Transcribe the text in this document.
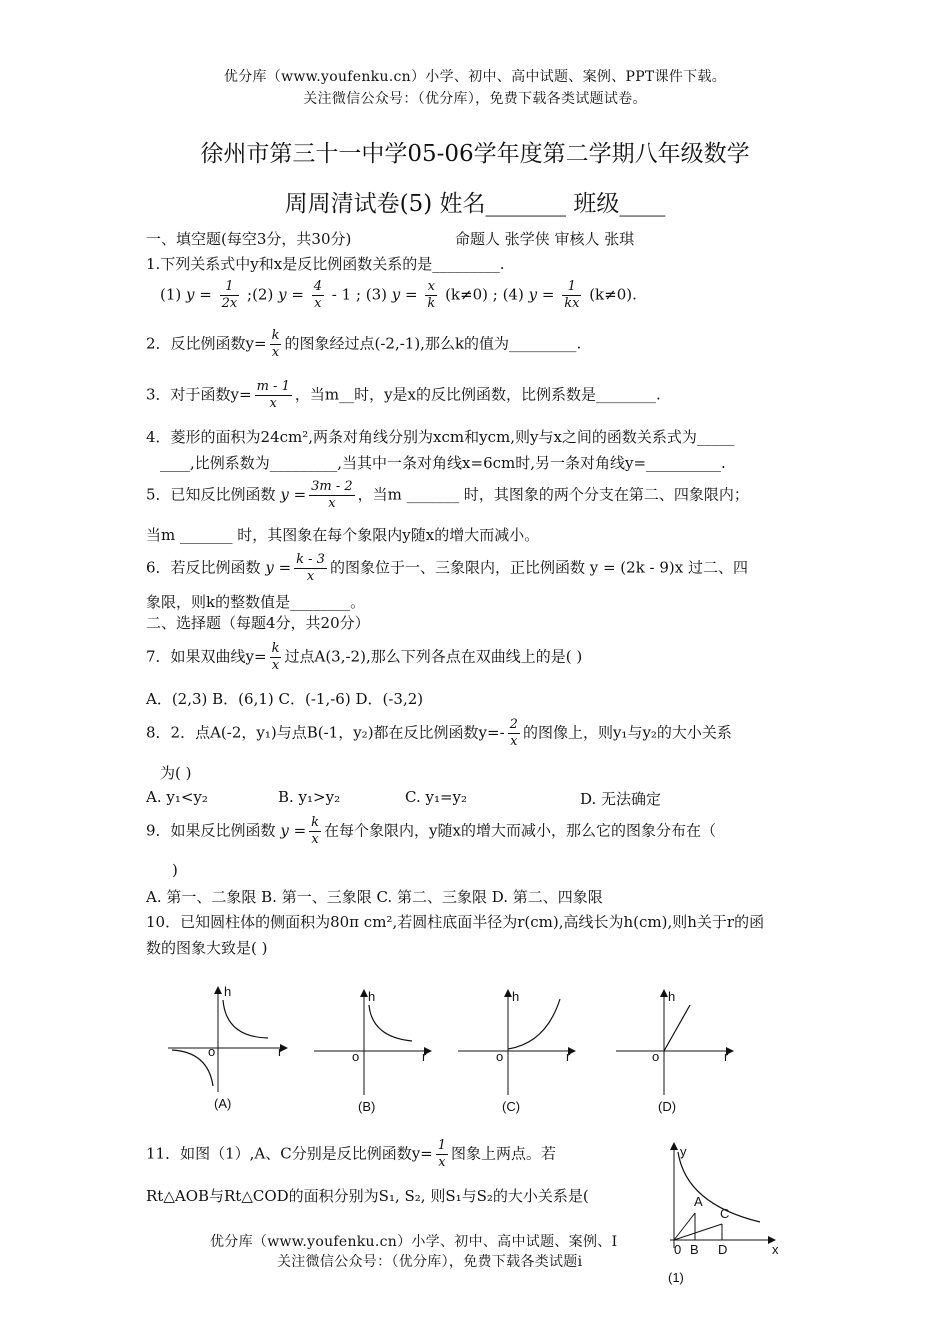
优分库（www.youfenku.cn）小学、初中、高中试题、案例、PPT课件下载。
关注微信公众号：（优分库），免费下载各类试题试卷。
徐州市第三十一中学05-06学年度第二学期八年级数学
周周清试卷(5) 姓名_______ 班级____
一、填空题(每空3分，共30分)	命题人 张学侠 审核人 张琪
1.下列关系式中y和x是反比例函数关系的是_________.
(1) $y = \frac{1}{2x}$ ;(2) $y = \frac{4}{x} - 1$ ; (3) $y = \frac{x}{k} (k\ne 0)$ ; (4) $y = \frac{1}{kx} (k\ne 0)$.
2．反比例函数$y= \frac{k}{x}$ 的图象经过点(-2,-1),那么k的值为_________.
3．对于函数$y= \frac{m - 1}{x}$ ，当m__时，y是x的反比例函数，比例系数是________.
4．菱形的面积为24cm²,两条对角线分别为xcm和ycm,则y与x之间的函数关系式为_____
____,比例系数为_________,当其中一条对角线x=6cm时,另一条对角线y=__________.
5．已知反比例函数 $y = \frac{3m - 2}{x}$ ，当m _______ 时，其图象的两个分支在第二、四象限内；
当m _______ 时，其图象在每个象限内y随x的增大而减小。
6．若反比例函数 $y = \frac{k - 3}{x}$ 的图象位于一、三象限内，正比例函数 y = (2k - 9)x 过二、四
象限，则k的整数值是________。
二、选择题（每题4分，共20分）
7．如果双曲线$y= \frac{k}{x}$ 过点A(3,-2),那么下列各点在双曲线上的是( )
A．(2,3) B．(6,1) C．(-1,-6) D．(-3,2)
8．2．点A(-2，y₁)与点B(-1，y₂)都在反比例函数$y=- \frac{2}{x}$ 的图像上，则y₁与y₂的大小关系
为( )
A. y₁<y₂	B. y₁>y₂	C. y₁=y₂	D. 无法确定
9．如果反比例函数 $y = \frac{k}{x}$ 在每个象限内，y随x的增大而减小，那么它的图象分布在（
)
A. 第一、二象限 B. 第一、三象限 C. 第二、三象限 D. 第二、四象限
10．已知圆柱体的侧面积为80π cm²,若圆柱底面半径为r(cm),高线长为h(cm),则h关于r的函
数的图象大致是( )
h
r
o
(A)
h
r
o
(B)
h
r
o
(C)
h
r
o
(D)
11．如图（1）,A、C分别是反比例函数$y= \frac{1}{x}$ 图象上两点。若
Rt△AOB与Rt△COD的面积分别为S₁, S₂, 则S₁与S₂的大小关系是(
y
x
0
A
B
C
D
(1)
优分库（www.youfenku.cn）小学、初中、高中试题、案例、I
关注微信公众号：（优分库），免费下载各类试题i
